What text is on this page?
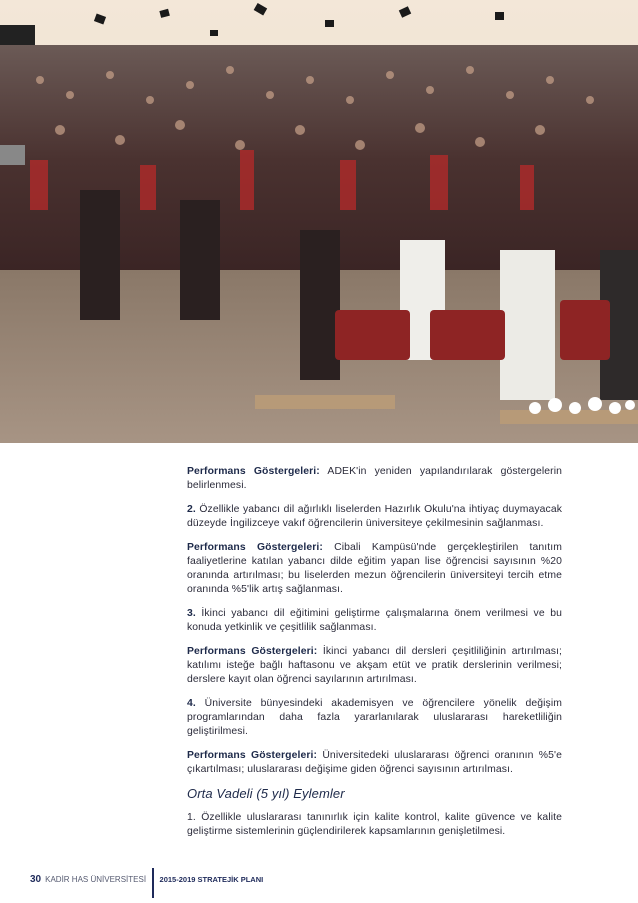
Performans Göstergeleri: ADEK'in yeniden yapılandırılarak göstergelerin belirlenmesi.

2. Özellikle yabancı dil ağırlıklı liselerden Hazırlık Okulu'na ihtiyaç duymayacak düzeyde İngilizceye vakıf öğrencilerin üniversiteye çekilmesinin sağlanması.

Performans Göstergeleri: Cibali Kampüsü'nde gerçekleştirilen tanıtım faaliyetlerine katılan yabancı dilde eğitim yapan lise öğrencisi sayısının %20 oranında artırılması; bu liselerden mezun öğrencilerin üniversiteyi tercih etme oranında %5'lik artış sağlanması.

3. İkinci yabancı dil eğitimini geliştirme çalışmalarına önem verilmesi ve bu konuda yetkinlik ve çeşitlilik sağlanması.

Performans Göstergeleri: İkinci yabancı dil dersleri çeşitliliğinin artırılması; katılımı isteğe bağlı haftasonu ve akşam etüt ve pratik derslerinin verilmesi; derslere kayıt olan öğrenci sayılarının artırılması.

4. Üniversite bünyesindeki akademisyen ve öğrencilere yönelik değişim programlarından daha fazla yararlanılarak uluslararası hareketliliğin geliştirilmesi.

Performans Göstergeleri: Üniversitedeki uluslararası öğrenci oranının %5'e çıkartılması; uluslararası değişime giden öğrenci sayısının artırılması.

Orta Vadeli (5 yıl) Eylemler

1. Özellikle uluslararası tanınırlık için kalite kontrol, kalite güvence ve kalite geliştirme sistemlerinin güçlendirilerek kapsamlarının genişletilmesi.

30 KADİR HAS ÜNİVERSİTESİ 2015-2019 STRATEJİK PLANI
